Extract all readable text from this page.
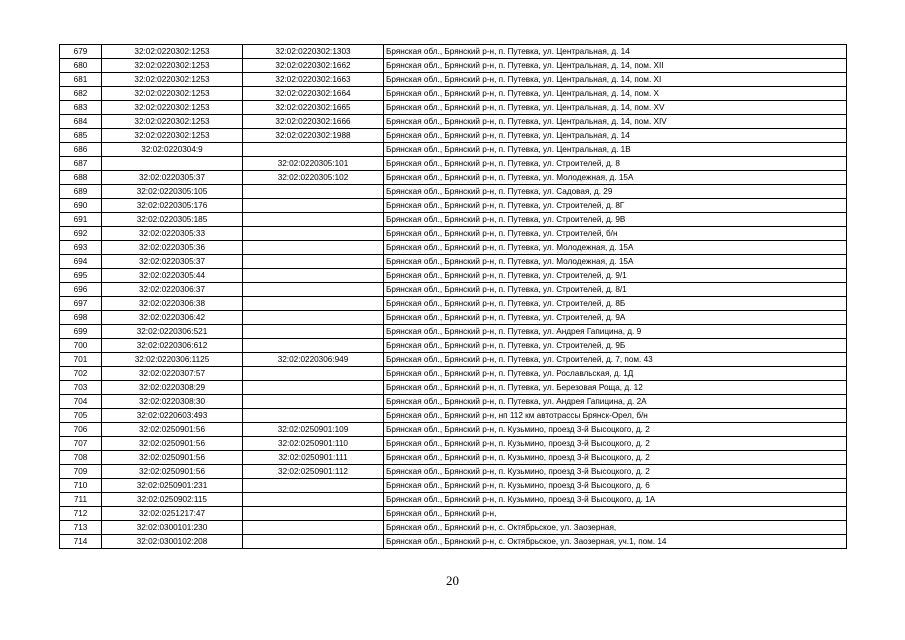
679	32:02:0220302:1253	32:02:0220302:1303	Брянская обл., Брянский р-н, п. Путевка, ул. Центральная, д. 14
680	32:02:0220302:1253	32:02:0220302:1662	Брянская обл., Брянский р-н, п. Путевка, ул. Центральная, д. 14, пом. XII
681	32:02:0220302:1253	32:02:0220302:1663	Брянская обл., Брянский р-н, п. Путевка, ул. Центральная, д. 14, пом. XI
682	32:02:0220302:1253	32:02:0220302:1664	Брянская обл., Брянский р-н, п. Путевка, ул. Центральная, д. 14, пом. X
683	32:02:0220302:1253	32:02:0220302:1665	Брянская обл., Брянский р-н, п. Путевка, ул. Центральная, д. 14, пом. XV
684	32:02:0220302:1253	32:02:0220302:1666	Брянская обл., Брянский р-н, п. Путевка, ул. Центральная, д. 14, пом. XIV
685	32:02:0220302:1253	32:02:0220302:1988	Брянская обл., Брянский р-н, п. Путевка, ул. Центральная, д. 14
686	32:02:0220304:9		Брянская обл., Брянский р-н, п. Путевка, ул. Центральная, д. 1В
687		32:02:0220305:101	Брянская обл., Брянский р-н, п. Путевка, ул. Строителей, д. 8
688	32:02:0220305:37	32:02:0220305:102	Брянская обл., Брянский р-н, п. Путевка, ул. Молодежная, д. 15А
689	32:02:0220305:105		Брянская обл., Брянский р-н, п. Путевка, ул. Садовая, д. 29
690	32:02:0220305:176		Брянская обл., Брянский р-н, п. Путевка, ул. Строителей, д. 8Г
691	32:02:0220305:185		Брянская обл., Брянский р-н, п. Путевка, ул. Строителей, д. 9В
692	32:02:0220305:33		Брянская обл., Брянский р-н, п. Путевка, ул. Строителей, б/н
693	32:02:0220305:36		Брянская обл., Брянский р-н, п. Путевка, ул. Молодежная, д. 15А
694	32:02:0220305:37		Брянская обл., Брянский р-н, п. Путевка, ул. Молодежная, д. 15А
695	32:02:0220305:44		Брянская обл., Брянский р-н, п. Путевка, ул. Строителей, д. 9/1
696	32:02:0220306:37		Брянская обл., Брянский р-н, п. Путевка, ул. Строителей, д. 8/1
697	32:02:0220306:38		Брянская обл., Брянский р-н, п. Путевка, ул. Строителей, д. 8Б
698	32:02:0220306:42		Брянская обл., Брянский р-н, п. Путевка, ул. Строителей, д. 9А
699	32:02:0220306:521		Брянская обл., Брянский р-н, п. Путевка, ул. Андрея Гапицина, д. 9
700	32:02:0220306:612		Брянская обл., Брянский р-н, п. Путевка, ул. Строителей, д. 9Б
701	32:02:0220306:1125	32:02:0220306:949	Брянская обл., Брянский р-н, п. Путевка, ул. Строителей, д. 7, пом. 43
702	32:02:0220307:57		Брянская обл., Брянский р-н, п. Путевка, ул. Рославльская, д. 1Д
703	32:02:0220308:29		Брянская обл., Брянский р-н, п. Путевка, ул. Березовая Роща, д. 12
704	32:02:0220308:30		Брянская обл., Брянский р-н, п. Путевка, ул. Андрея Гапицина, д. 2А
705	32:02:0220603:493		Брянская обл., Брянский р-н, нп 112 км автотрассы Брянск-Орел, б/н
706	32:02:0250901:56	32:02:0250901:109	Брянская обл., Брянский р-н, п. Кузьмино, проезд 3-й Высоцкого, д. 2
707	32:02:0250901:56	32:02:0250901:110	Брянская обл., Брянский р-н, п. Кузьмино, проезд 3-й Высоцкого, д. 2
708	32:02:0250901:56	32:02:0250901:111	Брянская обл., Брянский р-н, п. Кузьмино, проезд 3-й Высоцкого, д. 2
709	32:02:0250901:56	32:02:0250901:112	Брянская обл., Брянский р-н, п. Кузьмино, проезд 3-й Высоцкого, д. 2
710	32:02:0250901:231		Брянская обл., Брянский р-н, п. Кузьмино, проезд 3-й Высоцкого, д. 6
711	32:02:0250902:115		Брянская обл., Брянский р-н, п. Кузьмино, проезд 3-й Высоцкого, д. 1А
712	32:02:0251217:47		Брянская обл., Брянский р-н,
713	32:02:0300101:230		Брянская обл., Брянский р-н, с. Октябрьское, ул. Заозерная,
714	32:02:0300102:208		Брянская обл., Брянский р-н, с. Октябрьское, ул. Заозерная, уч.1, пом. 14
20
